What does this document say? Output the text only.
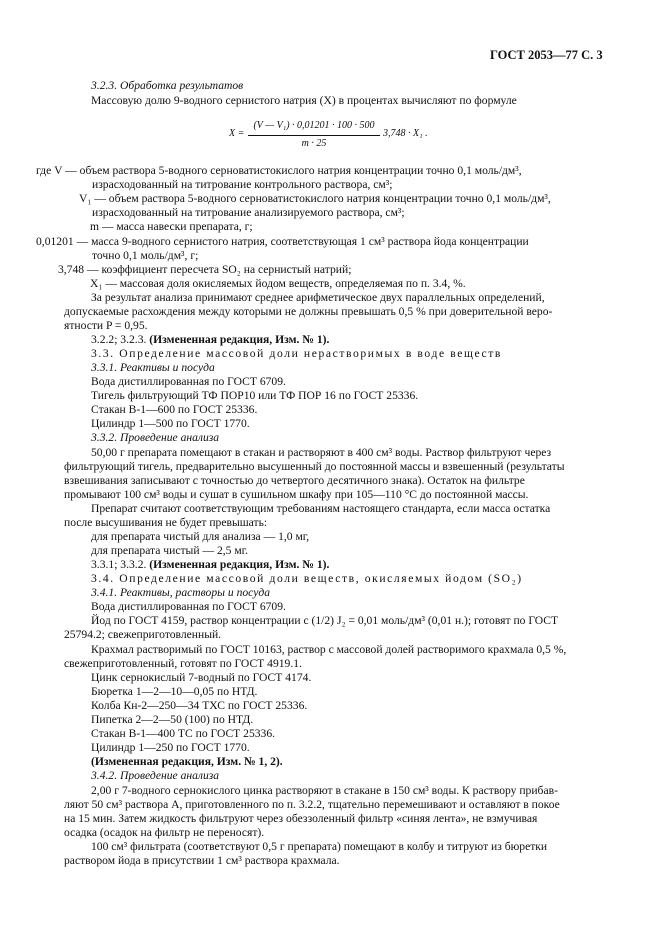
ГОСТ 2053—77 С. 3
X =
(V — V₁) · 0,01201 · 100 · 500
m · 25
3,748 · X₁ .
3.2.3. Обработка результатов
Массовую долю 9-водного сернистого натрия (X) в процентах вычисляют по формуле
где V — объем раствора 5-водного серноватистокислого натрия концентрации точно 0,1 моль/дм³,
израсходованный на титрование контрольного раствора, см³;
V₁ — объем раствора 5-водного серноватистокислого натрия концентрации точно 0,1 моль/дм³,
израсходованный на титрование анализируемого раствора, см³;
m — масса навески препарата, г;
0,01201 — масса 9-водного сернистого натрия, соответствующая 1 см³ раствора йода концентрации
точно 0,1 моль/дм³, г;
3,748 — коэффициент пересчета SO₂ на сернистый натрий;
X₁ — массовая доля окисляемых йодом веществ, определяемая по п. 3.4, %.
За результат анализа принимают среднее арифметическое двух параллельных определений,
допускаемые расхождения между которыми не должны превышать 0,5 % при доверительной веро-
ятности P = 0,95.
3.2.2; 3.2.3. (Измененная редакция, Изм. № 1).
3.3. Определение массовой доли нерастворимых в воде веществ
3.3.1. Реактивы и посуда
Вода дистиллированная по ГОСТ 6709.
Тигель фильтрующий ТФ ПОР10 или ТФ ПОР 16 по ГОСТ 25336.
Стакан В-1—600 по ГОСТ 25336.
Цилиндр 1—500 по ГОСТ 1770.
3.3.2. Проведение анализа
50,00 г препарата помещают в стакан и растворяют в 400 см³ воды. Раствор фильтруют через
фильтрующий тигель, предварительно высушенный до постоянной массы и взвешенный (результаты
взвешивания записывают с точностью до четвертого десятичного знака). Остаток на фильтре
промывают 100 см³ воды и сушат в сушильном шкафу при 105—110 °С до постоянной массы.
Препарат считают соответствующим требованиям настоящего стандарта, если масса остатка
после высушивания не будет превышать:
для препарата чистый для анализа — 1,0 мг,
для препарата чистый — 2,5 мг.
3.3.1; 3.3.2. (Измененная редакция, Изм. № 1).
3.4. Определение массовой доли веществ, окисляемых йодом (SO₂)
3.4.1. Реактивы, растворы и посуда
Вода дистиллированная по ГОСТ 6709.
Йод по ГОСТ 4159, раствор концентрации c (1/2) J₂ = 0,01 моль/дм³ (0,01 н.); готовят по ГОСТ
25794.2; свежеприготовленный.
Крахмал растворимый по ГОСТ 10163, раствор с массовой долей растворимого крахмала 0,5 %,
свежеприготовленный, готовят по ГОСТ 4919.1.
Цинк сернокислый 7-водный по ГОСТ 4174.
Бюретка 1—2—10—0,05 по НТД.
Колба Кн-2—250—34 ТХС по ГОСТ 25336.
Пипетка 2—2—50 (100) по НТД.
Стакан В-1—400 ТС по ГОСТ 25336.
Цилиндр 1—250 по ГОСТ 1770.
(Измененная редакция, Изм. № 1, 2).
3.4.2. Проведение анализа
2,00 г 7-водного сернокислого цинка растворяют в стакане в 150 см³ воды. К раствору прибав-
ляют 50 см³ раствора А, приготовленного по п. 3.2.2, тщательно перемешивают и оставляют в покое
на 15 мин. Затем жидкость фильтруют через обеззоленный фильтр «синяя лента», не взмучивая
осадка (осадок на фильтр не переносят).
100 см³ фильтрата (соответствуют 0,5 г препарата) помещают в колбу и титруют из бюретки
раствором йода в присутствии 1 см³ раствора крахмала.
